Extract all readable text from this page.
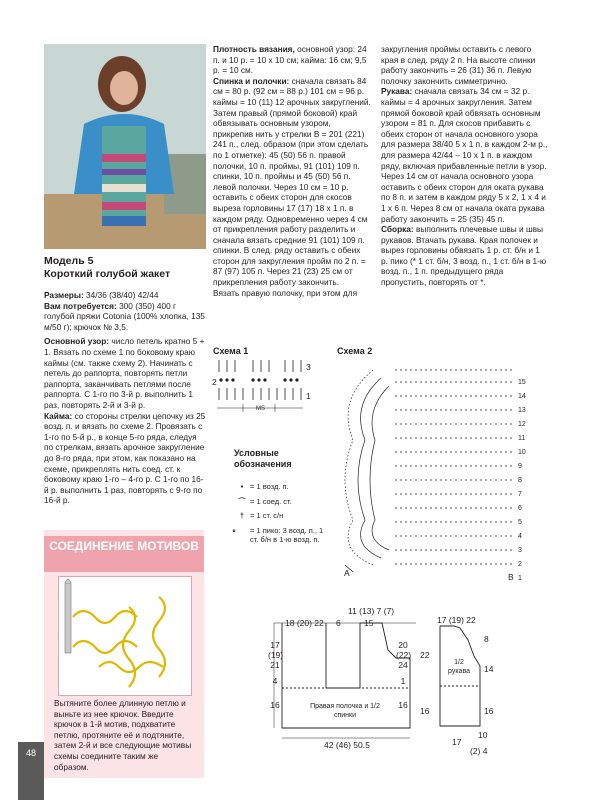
Модель 5
Короткий голубой жакет

Размеры: 34/36 (38/40) 42/44

Вам потребуется: 300 (350) 400 г голубой пряжи Cotonia (100% хлопка, 135 м/50 г); крючок № 3,5.

Основной узор: число петель кратно 5 + 1. Вязать по схеме 1 по боковому краю каймы (см. также схему 2). Начинать с петель до раппорта, повторять петли раппорта, заканчивать петлями после раппорта. С 1-го по 3-й р. выполнить 1 раз, повторять 2-й и 3-й р.

Кайма: со стороны стрелки цепочку из 25 возд. п. и вязать по схеме 2. Провязать с 1-го по 5-й р., в конце 5-го ряда, следуя по стрелкам, вязать арочное закругление до 8-го ряда, при этом, как показано на схеме, прикреплять нить соед. ст. к боковому краю 1-го – 4-го р. С 1-го по 16-й р. выполнить 1 раз, повторять с 9-го по 16-й р.

Плотность вязания, основной узор: 24 п. и 10 р. = 10 x 10 см; кайма: 16 см; 9,5 р. = 10 см.

Спинка и полочки: сначала связать 84 см = 80 р. (92 см = 88 р.) 101 см = 96 р. каймы = 10 (11) 12 арочных закруглений. Затем правый (прямой боковой) край обвязывать основным узором, прикрепив нить у стрелки В = 201 (221) 241 п., след. образом (при этом сделать по 1 отметке): 45 (50) 56 п. правой полочки, 10 п. проймы, 91 (101) 109 п. спинки, 10 п. проймы и 45 (50) 56 п. левой полочки. Через 10 см = 10 р. оставить с обеих сторон для скосов выреза горловины 17 (17) 18 x 1 п. в каждом ряду. Одновременно через 4 см от прикрепления работу разделить и сначала вязать средние 91 (101) 109 п. спинки. В след. ряду оставить с обеих сторон для закругления пройм по 2 п. = 87 (97) 105 п. Через 21 (23) 25 см от прикрепления работу закончить.

Вязать правую полочку, при этом для

закругления проймы оставить с левого края в след. ряду 2 п. На высоте спинки работу закончить = 26 (31) 36 п. Левую полочку закончить симметрично.

Рукава: сначала связать 34 см = 32 р. каймы = 4 арочных закругления. Затем прямой боковой край обвязать основным узором = 81 п. Для скосов прибавить с обеих сторон от начала основного узора для размера 38/40 5 x 1 п. в каждом 2-м р., для размера 42/44 – 10 x 1 п. в каждом ряду, включая прибавленные петли в узор. Через 14 см от начала основного узора оставить с обеих сторон для оката рукава по 8 п. и затем в каждом ряду 5 x 2, 1 x 4 и 1 x 6 п. Через 8 см от начала оката рукава работу закончить = 25 (35) 45 п.

Сборка: выполнить плечевые швы и швы рукавов. Втачать рукава. Края полочек и вырез горловины обвязать 1 р. ст. б/н и 1 р. пико (* 1 ст. б/н, 3 возд. п., 1 ст. б/н в 1-ю возд. п., 1 п. предыдущего ряда пропустить, повторять от *.

СОЕДИНЕНИЕ МОТИВОВ
Вытяните более длинную петлю и выньте из нее крючок. Введите крючок в 1-й мотив, подхватите петлю, протяните её и подтяните, затем 2-й и все следующие мотивы схемы соедините таким же образом.
Схема 1
3
2
1
MS
Схема 2
15
14
13
12
11
10
9
8
7
6
5
4
3
2
1
A	B
Условные обозначения
• = 1 возд. п.
⌒ = 1 соед. ст.
† = 1 ст. с/н
∘ = 1 пико: 3 возд. п., 1 ст. б/н в 1-ю возд. п.
18 (20) 22 6	15
11 (13) 7 (7)
17
(19)
21
4
16
20
(22)
24
1
16
Правая полочка и 1/2 спинки
42 (46) 50.5
17 (19) 22
22
16
8
14
16
1/2 рукава
17
10
(2) 4
48
